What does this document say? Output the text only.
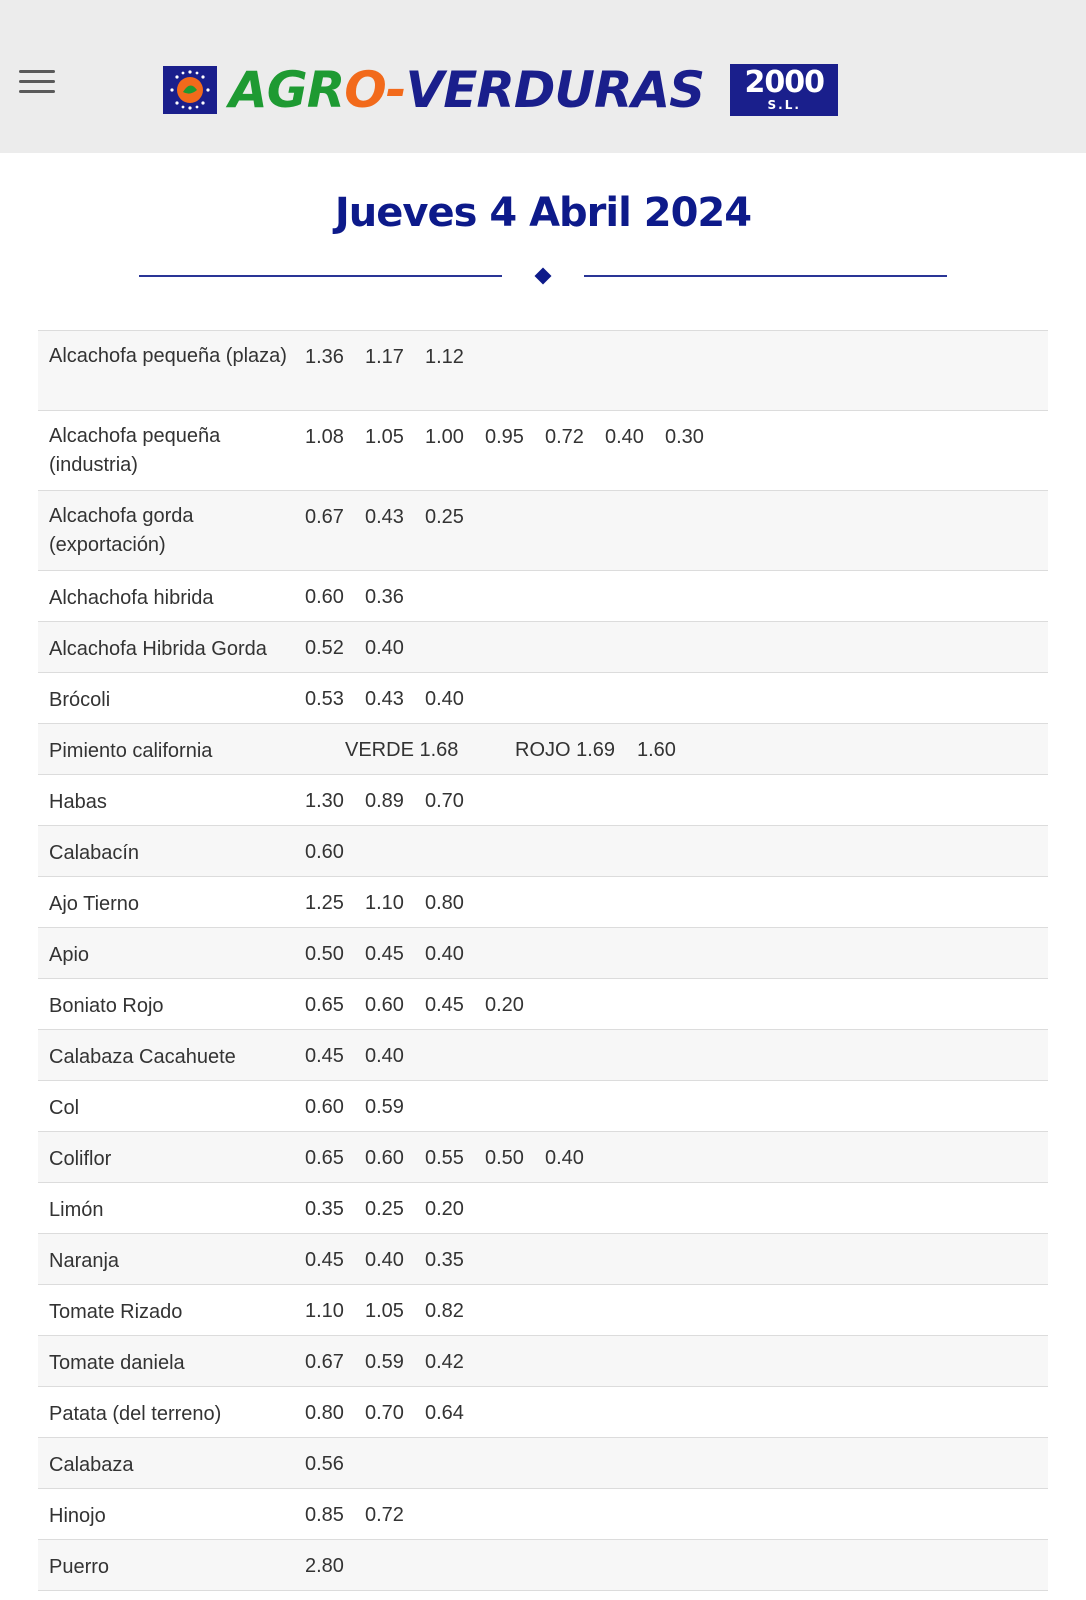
AGR O - VERDURAS 2000
S.L.
Jueves 4 Abril 2024
Alcachofa pequeña (plaza) 1.36 1.17 1.12
Alcachofa pequeña (industria)
1.08 1.05 1.00 0.95 0.72 0.40 0.30
Alcachofa gorda (exportación)
0.67 0.43 0.25
Alchachofa hibrida	0.60 0.36
Alcachofa Hibrida Gorda	0.52 0.40
Brócoli	0.53 0.43 0.40
Pimiento california	VERDE 1.68	ROJO 1.69 1.60
Habas	1.30 0.89 0.70
Calabacín	0.60
Ajo Tierno	1.25 1.10 0.80
Apio	0.50 0.45 0.40
Boniato Rojo	0.65 0.60 0.45 0.20
Calabaza Cacahuete	0.45 0.40
Col	0.60 0.59
Coliflor	0.65 0.60 0.55 0.50 0.40
Limón	0.35 0.25 0.20
Naranja	0.45 0.40 0.35
Tomate Rizado	1.10 1.05 0.82
Tomate daniela	0.67 0.59 0.42
Patata (del terreno)	0.80 0.70 0.64
Calabaza	0.56
Hinojo	0.85 0.72
Puerro	2.80
